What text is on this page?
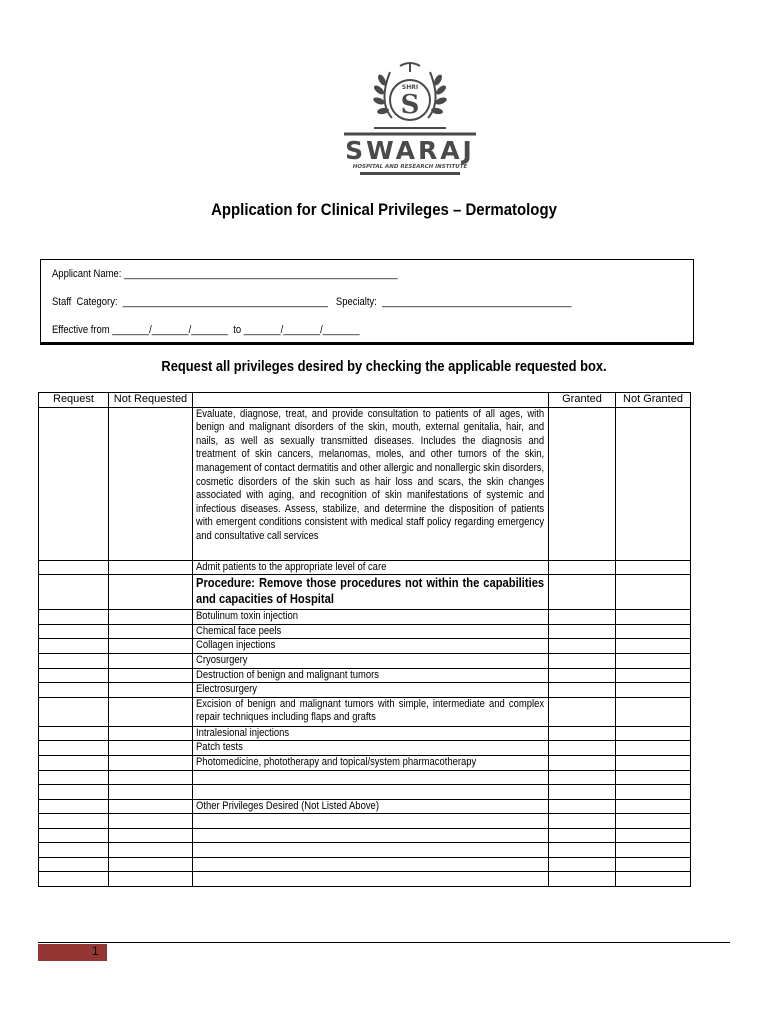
SHRI
S
SWARAJ
HOSPITAL AND RESEARCH INSTITUTE
Application for Clinical Privileges – Dermatology
Applicant Name: ____________________________________________________
Staff  Category:  _______________________________________   Specialty:  ____________________________________
Effective from _______/_______/_______  to _______/_______/_______
Request all privileges desired by checking the applicable requested box.
Request	Not Requested		Granted	Not Granted

		Evaluate, diagnose, treat, and provide consultation to patients of all ages, with benign and malignant disorders of the skin, mouth, external genitalia, hair, and nails, as well as sexually transmitted diseases. Includes the diagnosis and treatment of skin cancers, melanomas, moles, and other tumors of the skin, management of contact dermatitis and other allergic and nonallergic skin disorders, cosmetic disorders of the skin such as hair loss and scars, the skin changes associated with aging, and recognition of skin manifestations of systemic and infectious diseases. Assess, stabilize, and determine the disposition of patients with emergent conditions consistent with medical staff policy regarding emergency and consultative call services		

		Admit patients to the appropriate level of care		

		Procedure: Remove those procedures not within the capabilities and capacities of Hospital		

		Botulinum toxin injection		

		Chemical face peels		

		Collagen injections		

		Cryosurgery		

		Destruction of benign and malignant tumors		

		Electrosurgery		

		Excision of benign and malignant tumors with simple, intermediate and complex repair techniques including flaps and grafts		

		Intralesional injections		

		Patch tests		

		Photomedicine, phototherapy and topical/system pharmacotherapy		

		Other Privileges Desired (Not Listed Above)		

1
